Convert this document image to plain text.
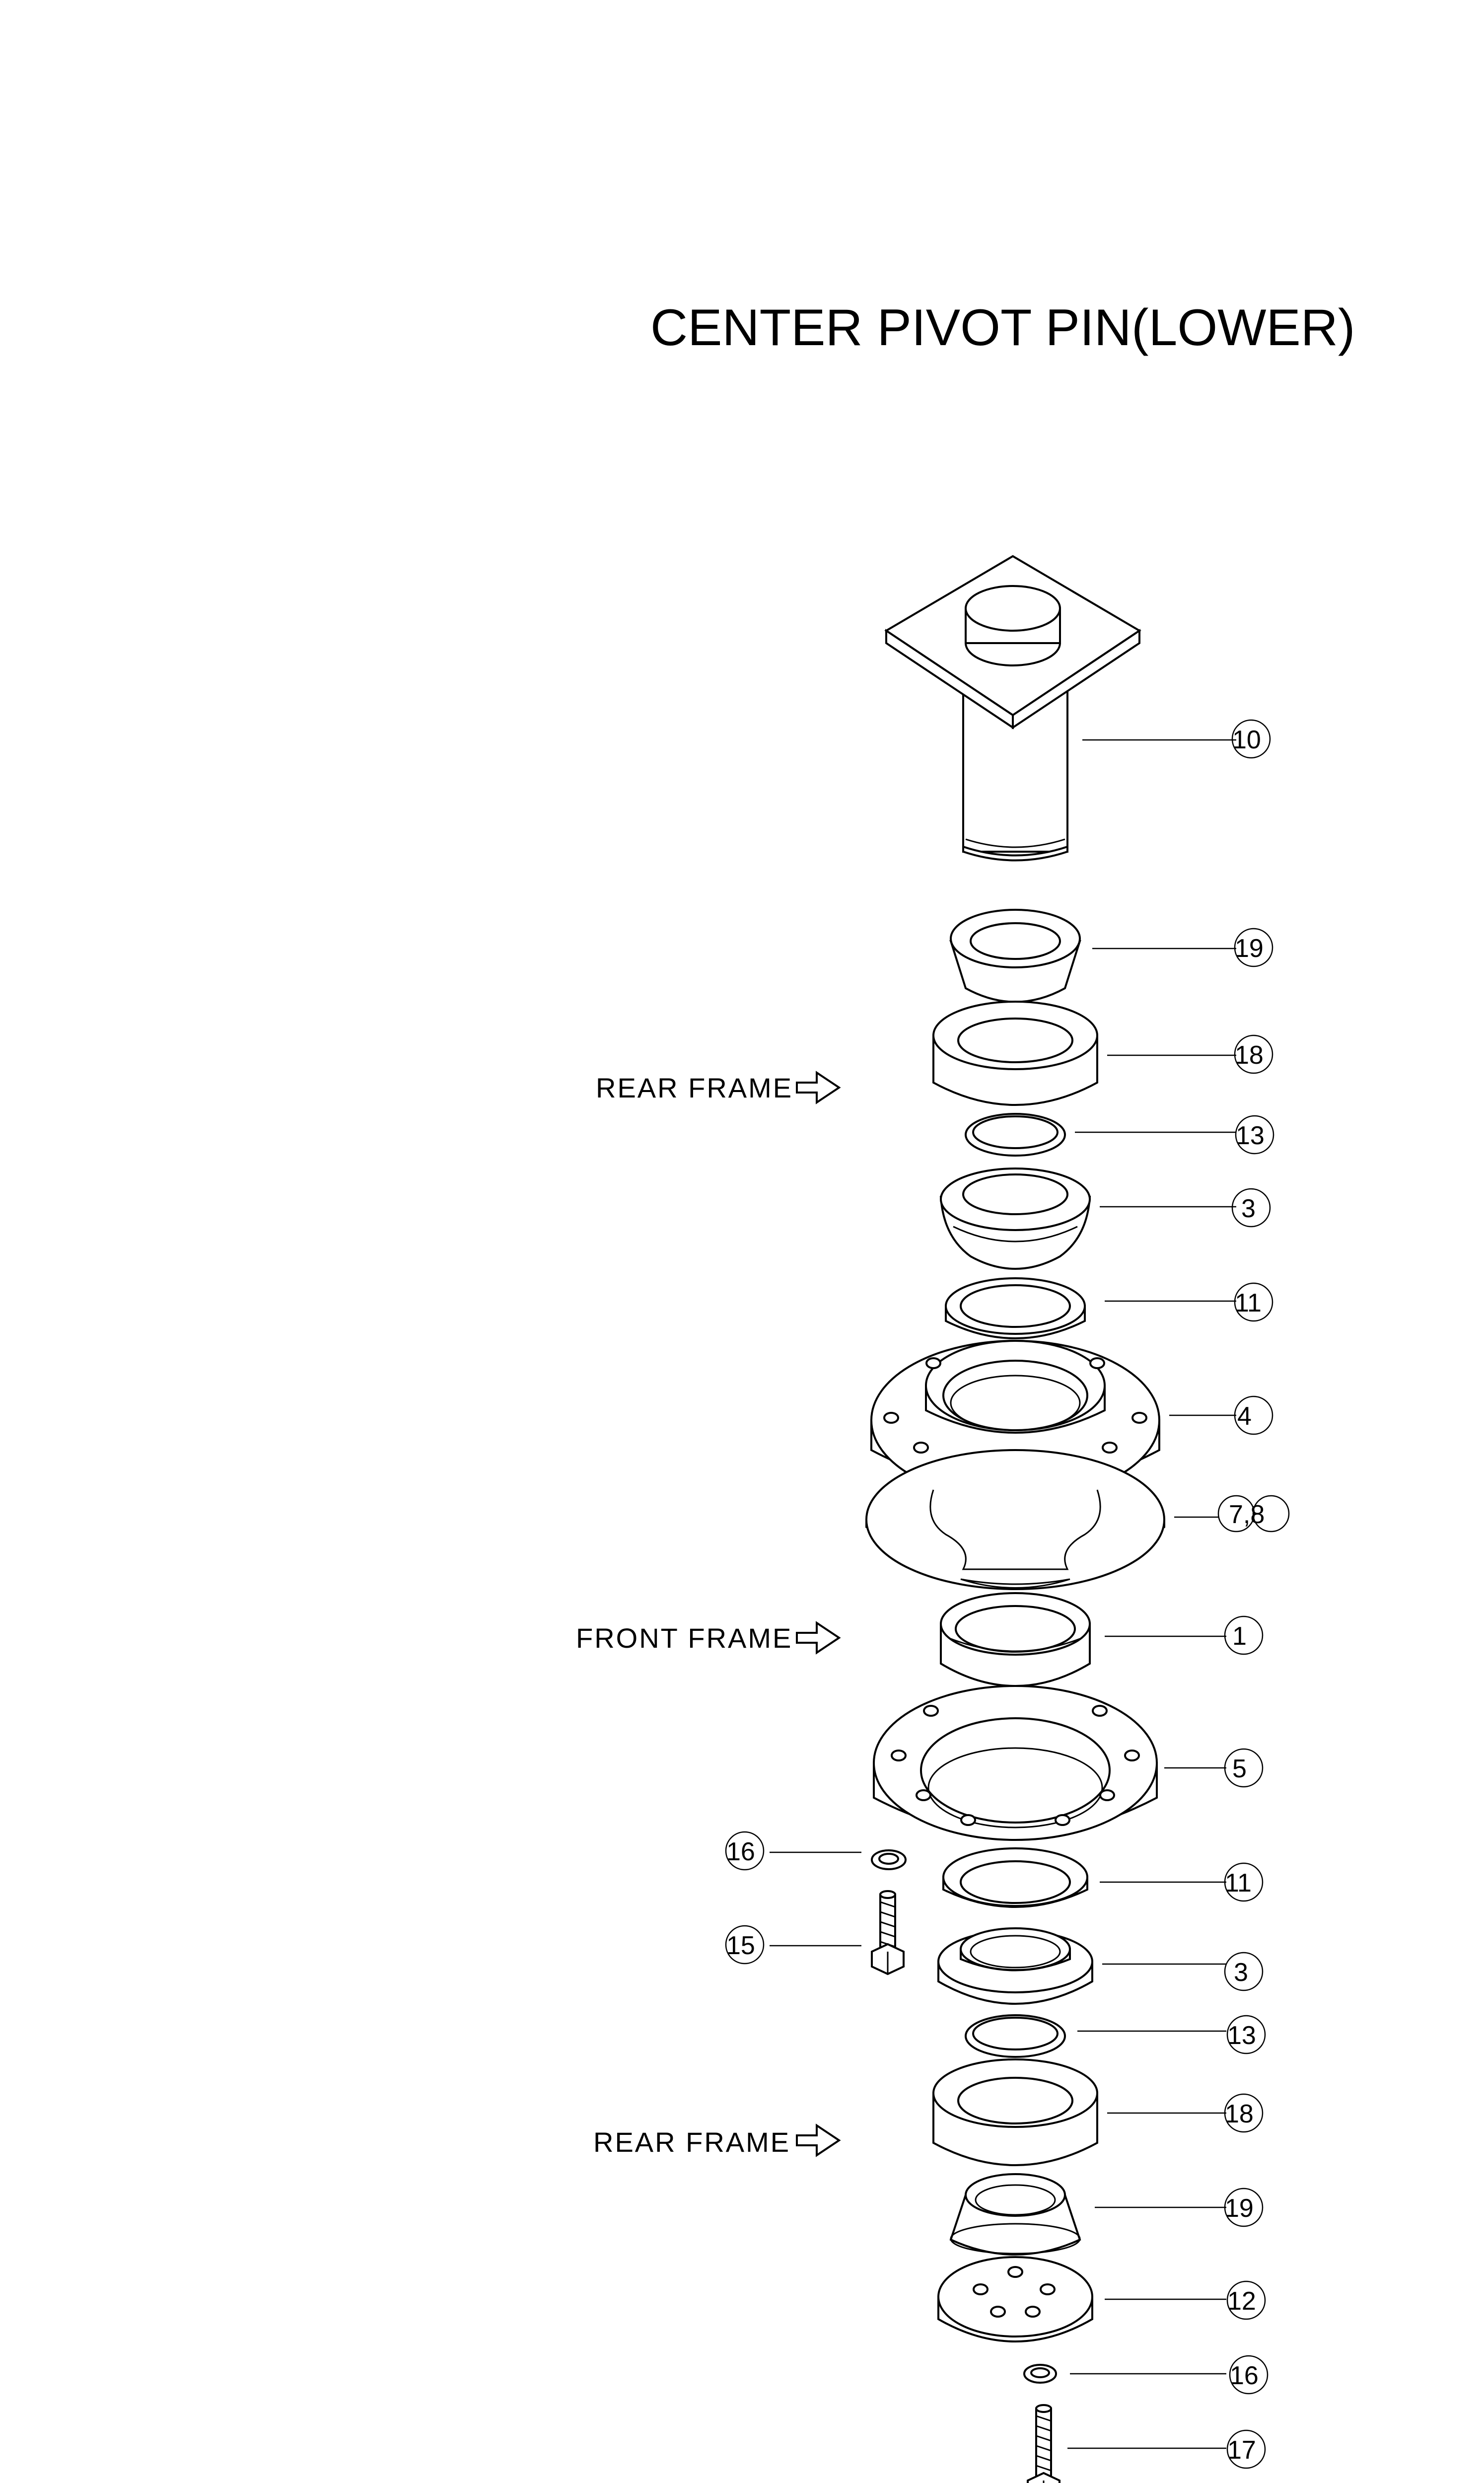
CENTER PIVOT PIN(LOWER)
10
19
18
13
3
11
4
7,8
1
5
16
11
15
3
13
18
19
12
16
17
REAR FRAME
FRONT FRAME
REAR FRAME
